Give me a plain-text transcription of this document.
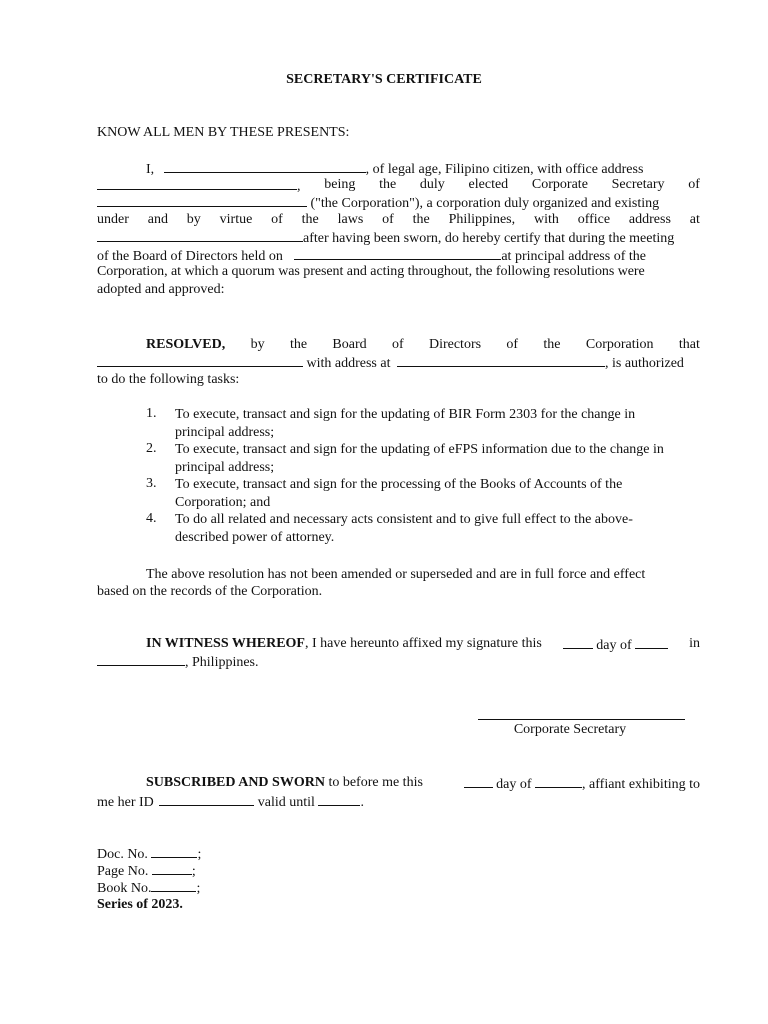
SECRETARY'S CERTIFICATE
KNOW ALL MEN BY THESE PRESENTS:
I,	, of legal age, Filipino citizen, with office address
, being the duly elected Corporate Secretary of
("the Corporation"), a corporation duly organized and existing
under and by virtue of the laws of the Philippines, with office address at
after having been sworn, do hereby certify that during the meeting
of the Board of Directors held on	at principal address of the
Corporation, at which a quorum was present and acting throughout, the following resolutions were
adopted and approved:
RESOLVED, by the Board of Directors of the Corporation that
with address at	, is authorized
to do the following tasks:
1.	To execute, transact and sign for the updating of BIR Form 2303 for the change in
principal address;
2.	To execute, transact and sign for the updating of eFPS information due to the change in
principal address;
3.	To execute, transact and sign for the processing of the Books of Accounts of the
Corporation; and
4.	To do all related and necessary acts consistent and to give full effect to the above-
described power of attorney.
The above resolution has not been amended or superseded and are in full force and effect
based on the records of the Corporation.
IN WITNESS WHEREOF, I have hereunto affixed my signature this	day of	in
, Philippines.
Corporate Secretary
SUBSCRIBED AND SWORN to before me this	day of	, affiant exhibiting to
me her ID	valid until	.
Doc. No.	;
Page No.	;
Book No.	;
Series of 2023.
